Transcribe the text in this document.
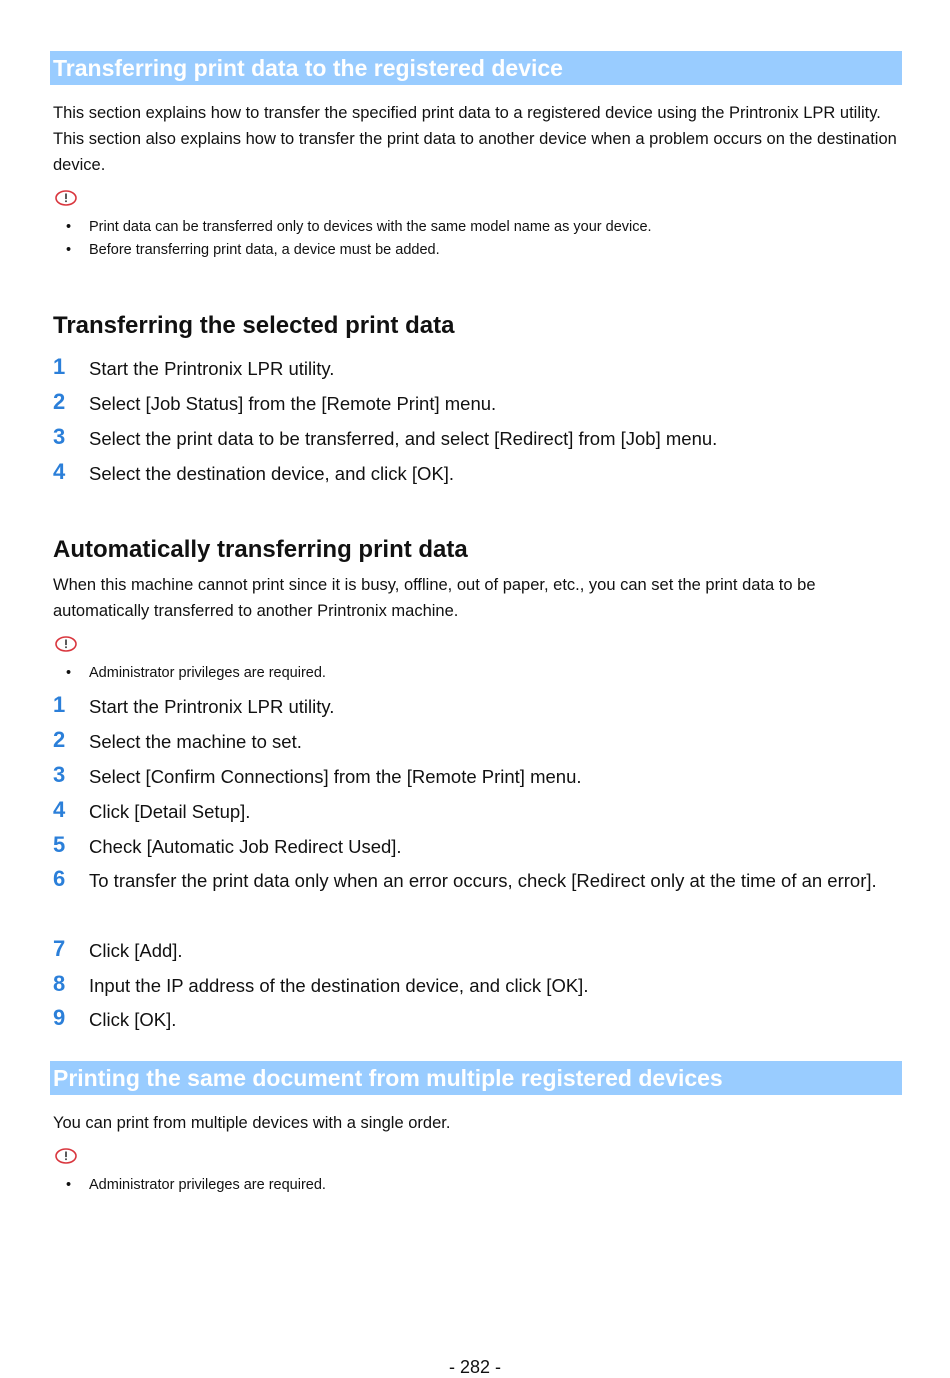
Transferring print data to the registered device
This section explains how to transfer the specified print data to a registered device using the Printronix LPR utility. This section also explains how to transfer the print data to another device when a problem occurs on the destination device.
• Print data can be transferred only to devices with the same model name as your device.
• Before transferring print data, a device must be added.
Transferring the selected print data
1 Start the Printronix LPR utility.
2 Select [Job Status] from the [Remote Print] menu.
3 Select the print data to be transferred, and select [Redirect] from [Job] menu.
4 Select the destination device, and click [OK].
Automatically transferring print data
When this machine cannot print since it is busy, offline, out of paper, etc., you can set the print data to be automatically transferred to another Printronix machine.
• Administrator privileges are required.
1 Start the Printronix LPR utility.
2 Select the machine to set.
3 Select [Confirm Connections] from the [Remote Print] menu.
4 Click [Detail Setup].
5 Check [Automatic Job Redirect Used].
6 To transfer the print data only when an error occurs, check [Redirect only at the time of an error].
7 Click [Add].
8 Input the IP address of the destination device, and click [OK].
9 Click [OK].
Printing the same document from multiple registered devices
You can print from multiple devices with a single order.
• Administrator privileges are required.
- 282 -
